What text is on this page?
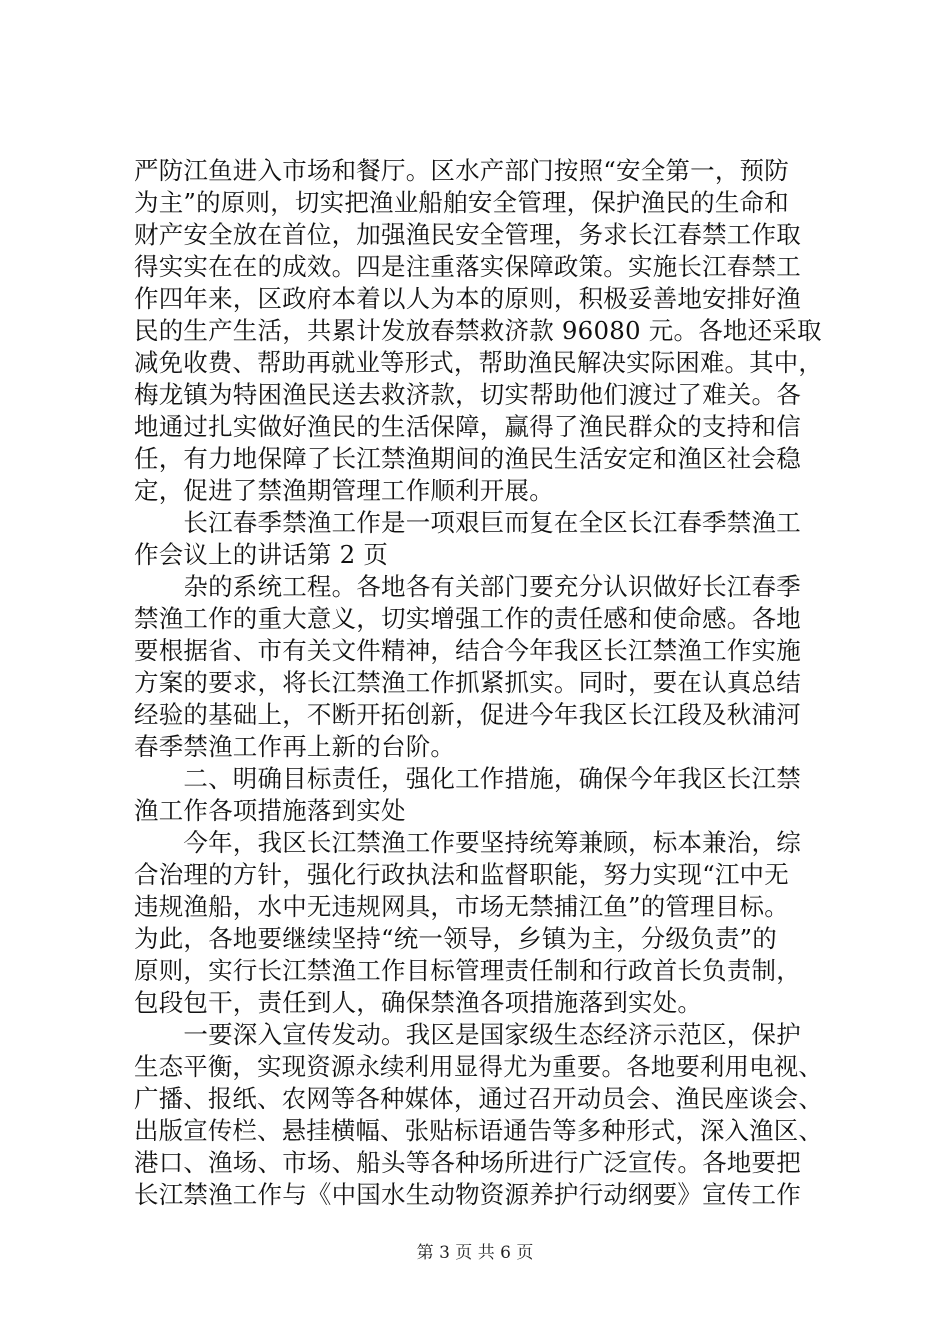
严防江鱼进入市场和餐厅。区水产部门按照“安全第一，预防
为主”的原则，切实把渔业船舶安全管理，保护渔民的生命和
财产安全放在首位，加强渔民安全管理，务求长江春禁工作取
得实实在在的成效。四是注重落实保障政策。实施长江春禁工
作四年来，区政府本着以人为本的原则，积极妥善地安排好渔
民的生产生活，共累计发放春禁救济款 96080 元。各地还采取
减免收费、帮助再就业等形式，帮助渔民解决实际困难。其中，
梅龙镇为特困渔民送去救济款，切实帮助他们渡过了难关。各
地通过扎实做好渔民的生活保障，赢得了渔民群众的支持和信
任，有力地保障了长江禁渔期间的渔民生活安定和渔区社会稳
定，促进了禁渔期管理工作顺利开展。
　　长江春季禁渔工作是一项艰巨而复在全区长江春季禁渔工
作会议上的讲话第 2 页
　　杂的系统工程。各地各有关部门要充分认识做好长江春季
禁渔工作的重大意义，切实增强工作的责任感和使命感。各地
要根据省、市有关文件精神，结合今年我区长江禁渔工作实施
方案的要求，将长江禁渔工作抓紧抓实。同时，要在认真总结
经验的基础上，不断开拓创新，促进今年我区长江段及秋浦河
春季禁渔工作再上新的台阶。
　　二、明确目标责任，强化工作措施，确保今年我区长江禁
渔工作各项措施落到实处
　　今年，我区长江禁渔工作要坚持统筹兼顾，标本兼治，综
合治理的方针，强化行政执法和监督职能，努力实现“江中无
违规渔船，水中无违规网具，市场无禁捕江鱼”的管理目标。
为此，各地要继续坚持“统一领导，乡镇为主，分级负责”的
原则，实行长江禁渔工作目标管理责任制和行政首长负责制，
包段包干，责任到人，确保禁渔各项措施落到实处。
　　一要深入宣传发动。我区是国家级生态经济示范区，保护
生态平衡，实现资源永续利用显得尤为重要。各地要利用电视、
广播、报纸、农网等各种媒体，通过召开动员会、渔民座谈会、
出版宣传栏、悬挂横幅、张贴标语通告等多种形式，深入渔区、
港口、渔场、市场、船头等各种场所进行广泛宣传。各地要把
长江禁渔工作与《中国水生动物资源养护行动纲要》宣传工作
第 3 页 共 6 页
